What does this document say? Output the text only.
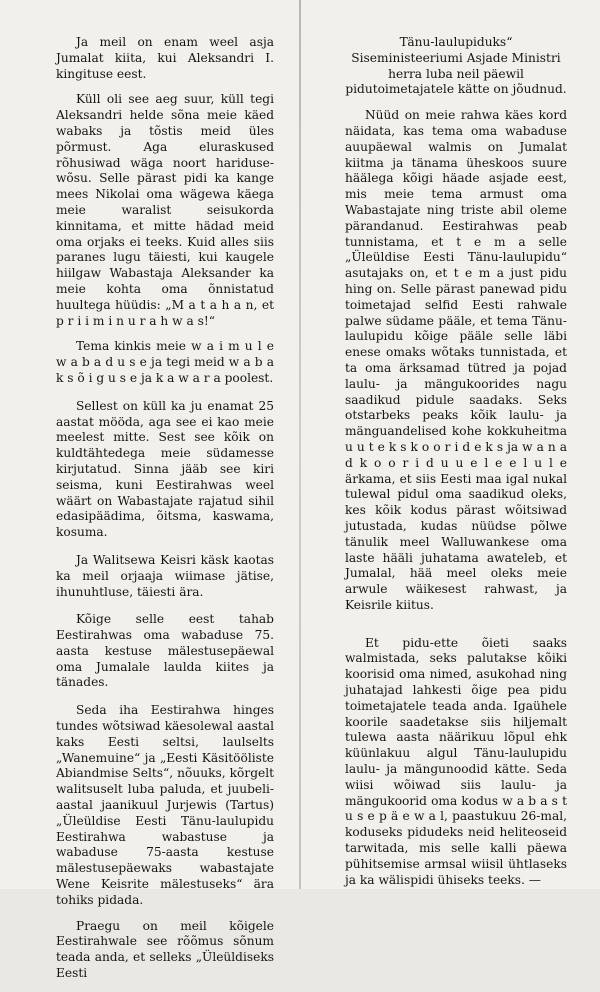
Ja meil on enam weel asja Jumalat kiita, kui Aleksandri I. kingituse eest.

Küll oli see aeg suur, küll tegi Aleksandri helde sõna meie käed wabaks ja tõstis meid üles põrmust. Aga eluraskused rõhusiwad wäga noort hariduse-wõsu. Selle pärast pidi ka kange mees Nikolai oma wägewa käega meie waralist seisukorda kinnitama, et mitte hädad meid oma orjaks ei teeks. Kuid alles siis paranes lugu täiesti, kui kaugele hiilgaw Wabastaja Aleksander ka meie kohta oma õnnistatud huultega hüüdis: „M a t a h a n, et p r i i m i n u r a h w a s!“

Tema kinkis meie w a i m u l e w a b a d u s e ja tegi meid w a b a k s õ i g u s e ja k a w a r a poolest.

Sellest on küll ka ju enamat 25 aastat mööda, aga see ei kao meie meelest mitte. Sest see kõik on kuldtähtedega meie südamesse kirjutatud. Sinna jääb see kiri seisma, kuni Eestirahwas weel wäärt on Wabastajate rajatud sihil edasipäädima, õitsma, kaswama, kosuma.

Ja Walitsewa Keisri käsk kaotas ka meil orjaaja wiimase jätise, ihunuhtluse, täiesti ära.

Kõige selle eest tahab Eestirahwas oma wabaduse 75. aasta kestuse mälestusepäewal oma Jumalale laulda kiites ja tänades.

Seda iha Eestirahwa hinges tundes wõtsiwad käesolewal aastal kaks Eesti seltsi, laulselts „Wanemuine“ ja „Eesti Käsitööliste Abiandmise Selts“, nõuuks, kõrgelt walitsuselt luba paluda, et juubeli-aastal jaanikuul Jurjewis (Tartus) „Üleüldise Eesti Tänu-laulupidu Eestirahwa wabastuse ja wabaduse 75-aasta kestuse mälestusepäewaks wabastajate Wene Keisrite mälestuseks“ ära tohiks pidada.

Praegu on meil kõigele Eestirahwale see rõõmus sõnum teada anda, et selleks „Üleüldiseks Eesti

Tänu-laulupiduks“ Siseministeeriumi Asjade Ministri herra luba neil päewil pidutoimetajatele kätte on jõudnud.

Nüüd on meie rahwa käes kord näidata, kas tema oma wabaduse auupäewal walmis on Jumalat kiitma ja tänama üheskoos suure häälega kõigi häade asjade eest, mis meie tema armust oma Wabastajate ning triste abil oleme pärandanud. Eestirahwas peab tunnistama, et t e m a selle „Üleüldise Eesti Tänu-laulupidu“ asutajaks on, et t e m a just pidu hing on. Selle pärast panewad pidu toimetajad selfid Eesti rahwale palwe südame pääle, et tema Tänu-laulupidu kõige pääle selle läbi enese omaks wõtaks tunnistada, et ta oma ärksamad tütred ja pojad laulu- ja mängukoorides nagu saadikud pidule saadaks. Seks otstarbeks peaks kõik laulu- ja mänguandelised kohe kokkuheitma u u t e k s k o o r i d e k s ja w a n a d k o o r i d u u e l e e l u l e ärkama, et siis Eesti maa igal nukal tulewal pidul oma saadikud oleks, kes kõik kodus pärast wõitsiwad jutustada, kudas nüüdse põlwe tänulik meel Walluwankese oma laste hääli juhatama awateleb, et Jumalal, hää meel oleks meie arwule wäikesest rahwast, ja Keisrile kiitus.

Et pidu-ette õieti saaks walmistada, seks palutakse kõiki koorisid oma nimed, asukohad ning juhatajad lahkesti õige pea pidu toimetajatele teada anda. Igaühele koorile saadetakse siis hiljemalt tulewa aasta näärikuu lõpul ehk küünlakuu algul Tänu-laulupidu laulu- ja mängunoodid kätte. Seda wiisi wõiwad siis laulu- ja mängukoorid oma kodus w a b a s t u s e p ä e w a l, paastukuu 26-mal, koduseks pidudeks neid heliteoseid tarwitada, mis selle kalli päewa pühitsemise armsal wiisil ühtlaseks ja ka wälispidi ühiseks teeks. —
